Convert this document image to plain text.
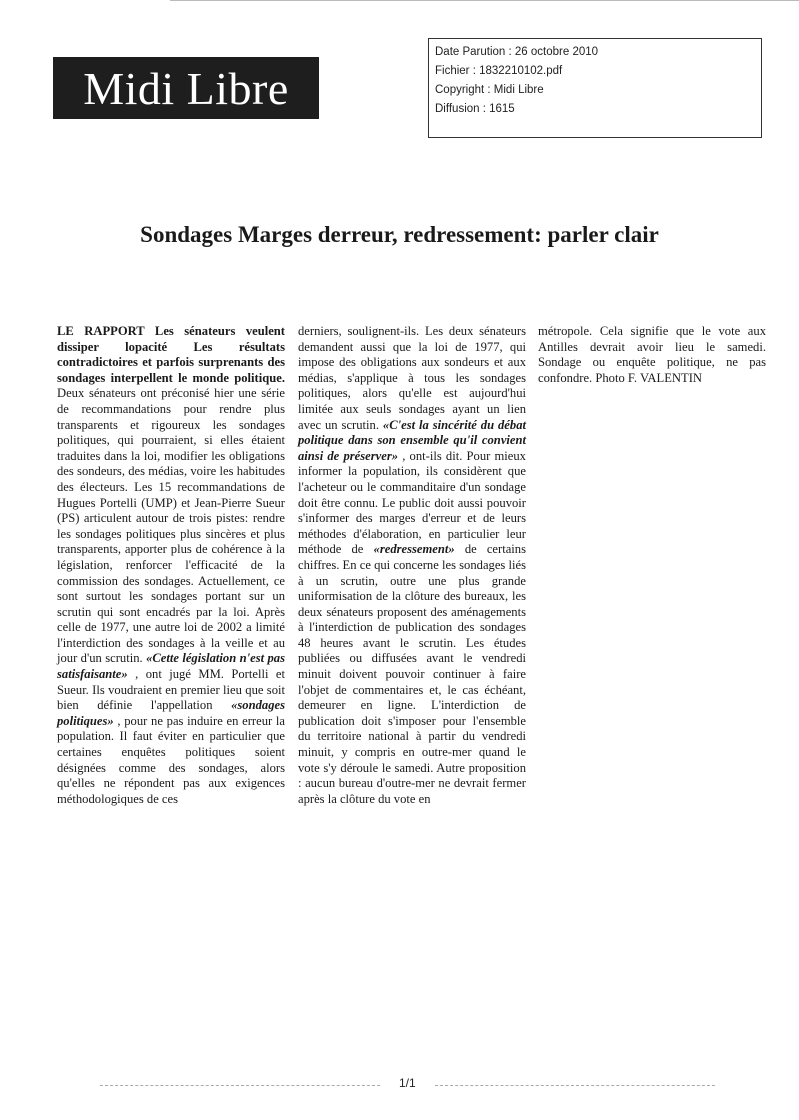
Midi Libre
Date Parution : 26 octobre 2010
Fichier : 1832210102.pdf
Copyright : Midi Libre
Diffusion : 1615
Sondages Marges derreur, redressement: parler clair
LE RAPPORT Les sénateurs veulent dissiper lopacité Les résultats contradictoires et parfois surprenants des sondages interpellent le monde politique. Deux sénateurs ont préconisé hier une série de recommandations pour rendre plus transparents et rigoureux les sondages politiques, qui pourraient, si elles étaient traduites dans la loi, modifier les obligations des sondeurs, des médias, voire les habitudes des électeurs. Les 15 recommandations de Hugues Portelli (UMP) et Jean-Pierre Sueur (PS) articulent autour de trois pistes: rendre les sondages politiques plus sincères et plus transparents, apporter plus de cohérence à la législation, renforcer l'efficacité de la commission des sondages. Actuellement, ce sont surtout les sondages portant sur un scrutin qui sont encadrés par la loi. Après celle de 1977, une autre loi de 2002 a limité l'interdiction des sondages à la veille et au jour d'un scrutin. «Cette législation n'est pas satisfaisante» , ont jugé MM. Portelli et Sueur. Ils voudraient en premier lieu que soit bien définie l'appellation «sondages politiques» , pour ne pas induire en erreur la population. Il faut éviter en particulier que certaines enquêtes politiques soient désignées comme des sondages, alors qu'elles ne répondent pas aux exigences méthodologiques de ces
derniers, soulignent-ils. Les deux sénateurs demandent aussi que la loi de 1977, qui impose des obligations aux sondeurs et aux médias, s'applique à tous les sondages politiques, alors qu'elle est aujourd'hui limitée aux seuls sondages ayant un lien avec un scrutin. «C'est la sincérité du débat politique dans son ensemble qu'il convient ainsi de préserver» , ont-ils dit. Pour mieux informer la population, ils considèrent que l'acheteur ou le commanditaire d'un sondage doit être connu. Le public doit aussi pouvoir s'informer des marges d'erreur et de leurs méthodes d'élaboration, en particulier leur méthode de «redressement» de certains chiffres. En ce qui concerne les sondages liés à un scrutin, outre une plus grande uniformisation de la clôture des bureaux, les deux sénateurs proposent des aménagements à l'interdiction de publication des sondages 48 heures avant le scrutin. Les études publiées ou diffusées avant le vendredi minuit doivent pouvoir continuer à faire l'objet de commentaires et, le cas échéant, demeurer en ligne. L'interdiction de publication doit s'imposer pour l'ensemble du territoire national à partir du vendredi minuit, y compris en outre-mer quand le vote s'y déroule le samedi. Autre proposition : aucun bureau d'outre-mer ne devrait fermer après la clôture du vote en
métropole. Cela signifie que le vote aux Antilles devrait avoir lieu le samedi. Sondage ou enquête politique, ne pas confondre. Photo F. VALENTIN
1/1
